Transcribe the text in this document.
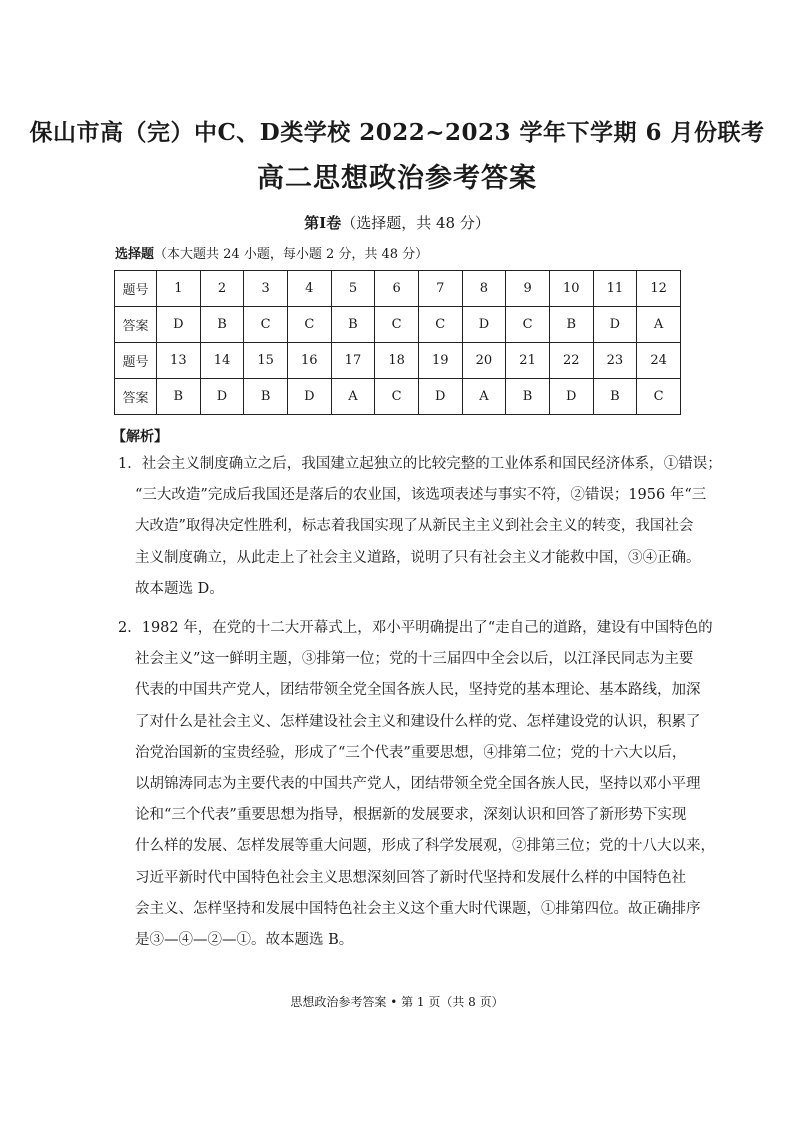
保山市高（完）中C、D类学校 2022~2023 学年下学期 6 月份联考
高二思想政治参考答案
第Ⅰ卷（选择题，共 48 分）
选择题（本大题共 24 小题，每小题 2 分，共 48 分）
题号	1	2	3	4	5	6	7	8	9	10	11	12
答案	D	B	C	C	B	C	C	D	C	B	D	A
题号	13	14	15	16	17	18	19	20	21	22	23	24
答案	B	D	B	D	A	C	D	A	B	D	B	C
【解析】
1．社会主义制度确立之后，我国建立起独立的比较完整的工业体系和国民经济体系，①错误；
“三大改造”完成后我国还是落后的农业国，该选项表述与事实不符，②错误；1956 年“三
大改造”取得决定性胜利，标志着我国实现了从新民主主义到社会主义的转变，我国社会
主义制度确立，从此走上了社会主义道路，说明了只有社会主义才能救中国，③④正确。
故本题选 D。
2．1982 年，在党的十二大开幕式上，邓小平明确提出了“走自己的道路，建设有中国特色的
社会主义”这一鲜明主题，③排第一位；党的十三届四中全会以后，以江泽民同志为主要
代表的中国共产党人，团结带领全党全国各族人民，坚持党的基本理论、基本路线，加深
了对什么是社会主义、怎样建设社会主义和建设什么样的党、怎样建设党的认识，积累了
治党治国新的宝贵经验，形成了“三个代表”重要思想，④排第二位；党的十六大以后，
以胡锦涛同志为主要代表的中国共产党人，团结带领全党全国各族人民，坚持以邓小平理
论和“三个代表”重要思想为指导，根据新的发展要求，深刻认识和回答了新形势下实现
什么样的发展、怎样发展等重大问题，形成了科学发展观，②排第三位；党的十八大以来，
习近平新时代中国特色社会主义思想深刻回答了新时代坚持和发展什么样的中国特色社
会主义、怎样坚持和发展中国特色社会主义这个重大时代课题，①排第四位。故正确排序
是③—④—②—①。故本题选 B。
思想政治参考答案 • 第 1 页（共 8 页）
